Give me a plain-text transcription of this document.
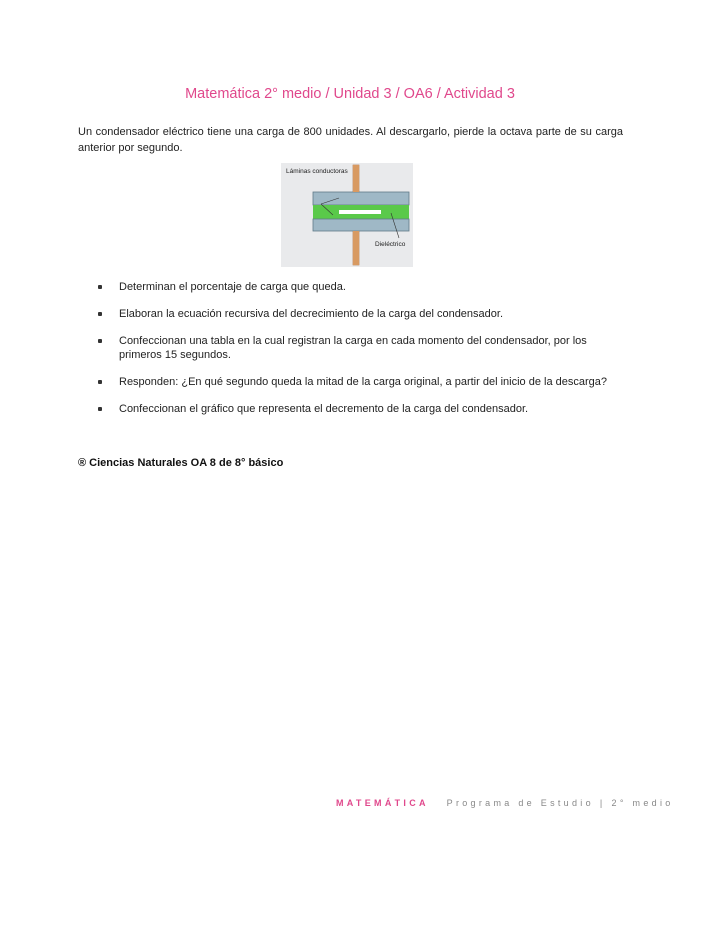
Matemática 2° medio / Unidad 3 / OA6 / Actividad 3
Un condensador eléctrico tiene una carga de 800 unidades. Al descargarlo, pierde la octava parte de su carga anterior por segundo.
Láminas conductoras
Dieléctrico
Determinan el porcentaje de carga que queda.
Elaboran la ecuación recursiva del decrecimiento de la carga del condensador.
Confeccionan una tabla en la cual registran la carga en cada momento del condensador, por los primeros 15 segundos.
Responden: ¿En qué segundo queda la mitad de la carga original, a partir del inicio de la descarga?
Confeccionan el gráfico que representa el decremento de la carga del condensador.
® Ciencias Naturales OA 8 de 8° básico
MATEMÁTICA Programa de Estudio | 2° medio
